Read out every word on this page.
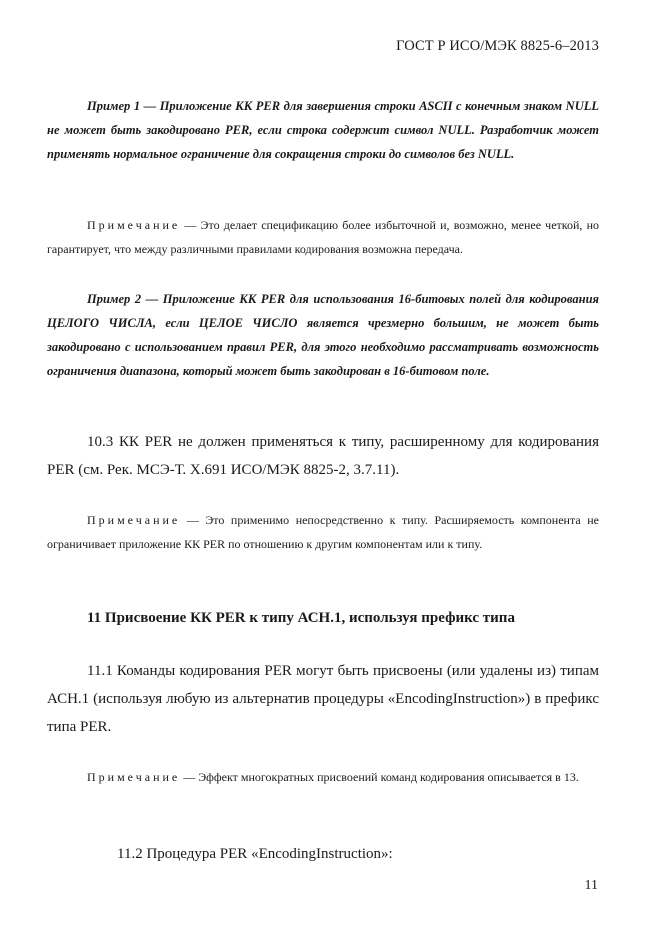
ГОСТ Р ИСО/МЭК 8825-6–2013
Пример 1 — Приложение КК PER для завершения строки ASCII с конечным знаком NULL не может быть закодировано PER, если строка содержит символ NULL. Разработчик может применять нормальное ограничение для сокращения строки до символов без NULL.
Примечание — Это делает спецификацию более избыточной и, возможно, менее четкой, но гарантирует, что между различными правилами кодирования возможна передача.
Пример 2 — Приложение КК PER для использования 16-битовых полей для кодирования ЦЕЛОГО ЧИСЛА, если ЦЕЛОЕ ЧИСЛО является чрезмерно большим, не может быть закодировано с использованием правил PER, для этого необходимо рассматривать возможность ограничения диапазона, который может быть закодирован в 16-битовом поле.
10.3 КК PER не должен применяться к типу, расширенному для кодирования PER (см. Рек. МСЭ-Т. X.691 ИСО/МЭК 8825-2, 3.7.11).
Примечание — Это применимо непосредственно к типу. Расширяемость компонента не ограничивает приложение КК PER по отношению к другим компонентам или к типу.
11 Присвоение КК PER к типу АСН.1, используя префикс типа
11.1 Команды кодирования PER могут быть присвоены (или удалены из) типам АСН.1 (используя любую из альтернатив процедуры «EncodingInstruction») в префикс типа PER.
Примечание — Эффект многократных присвоений команд кодирования описывается в 13.
11.2 Процедура PER «EncodingInstruction»:
11
